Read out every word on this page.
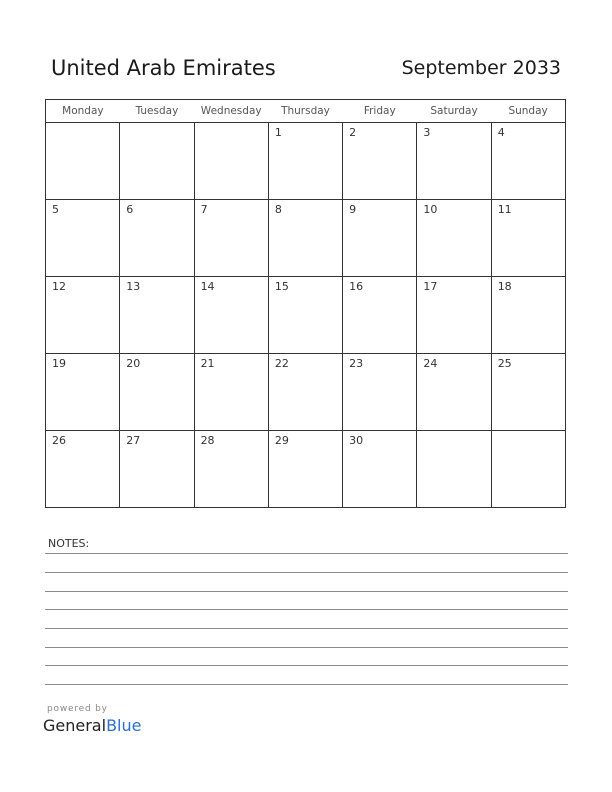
United Arab Emirates	September 2033
Monday	Tuesday	Wednesday	Thursday	Friday	Saturday	Sunday

			1	2	3	4

5	6	7	8	9	10	11

12	13	14	15	16	17	18

19	20	21	22	23	24	25

26	27	28	29	30		

NOTES:
powered by
GeneralBlue
